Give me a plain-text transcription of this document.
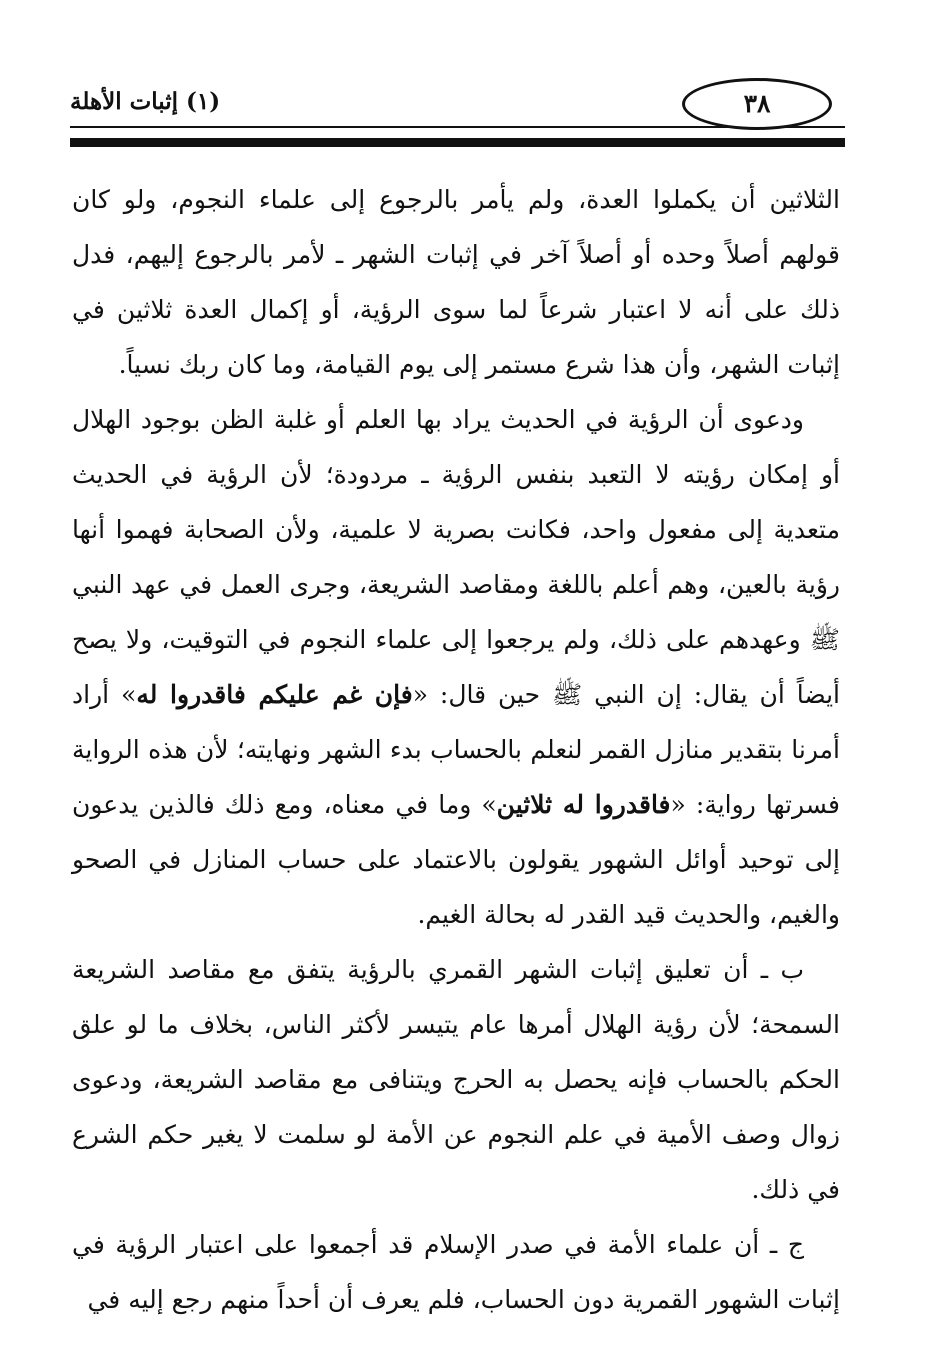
(١) إثبات الأهلة	٣٨

الثلاثين أن يكملوا العدة، ولم يأمر بالرجوع إلى علماء النجوم، ولو كان قولهم أصلاً وحده أو أصلاً آخر في إثبات الشهر ـ لأمر بالرجوع إليهم، فدل ذلك على أنه لا اعتبار شرعاً لما سوى الرؤية، أو إكمال العدة ثلاثين في إثبات الشهر، وأن هذا شرع مستمر إلى يوم القيامة، وما كان ربك نسياً.

ودعوى أن الرؤية في الحديث يراد بها العلم أو غلبة الظن بوجود الهلال أو إمكان رؤيته لا التعبد بنفس الرؤية ـ مردودة؛ لأن الرؤية في الحديث متعدية إلى مفعول واحد، فكانت بصرية لا علمية، ولأن الصحابة فهموا أنها رؤية بالعين، وهم أعلم باللغة ومقاصد الشريعة، وجرى العمل في عهد النبي ﷺ وعهدهم على ذلك، ولم يرجعوا إلى علماء النجوم في التوقيت، ولا يصح أيضاً أن يقال: إن النبي ﷺ حين قال: «فإن غم عليكم فاقدروا له» أراد أمرنا بتقدير منازل القمر لنعلم بالحساب بدء الشهر ونهايته؛ لأن هذه الرواية فسرتها رواية: «فاقدروا له ثلاثين» وما في معناه، ومع ذلك فالذين يدعون إلى توحيد أوائل الشهور يقولون بالاعتماد على حساب المنازل في الصحو والغيم، والحديث قيد القدر له بحالة الغيم.

ب ـ أن تعليق إثبات الشهر القمري بالرؤية يتفق مع مقاصد الشريعة السمحة؛ لأن رؤية الهلال أمرها عام يتيسر لأكثر الناس، بخلاف ما لو علق الحكم بالحساب فإنه يحصل به الحرج ويتنافى مع مقاصد الشريعة، ودعوى زوال وصف الأمية في علم النجوم عن الأمة لو سلمت لا يغير حكم الشرع في ذلك.

ج ـ أن علماء الأمة في صدر الإسلام قد أجمعوا على اعتبار الرؤية في إثبات الشهور القمرية دون الحساب، فلم يعرف أن أحداً منهم رجع إليه في
